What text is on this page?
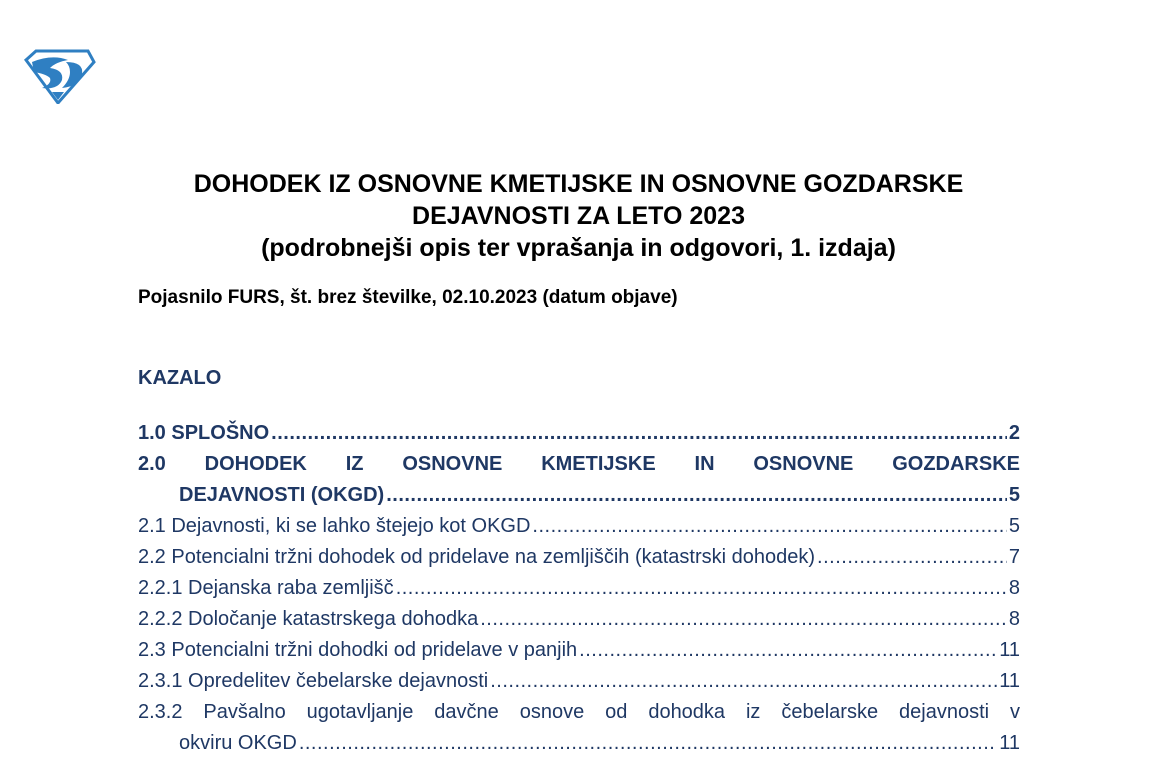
DOHODEK IZ OSNOVNE KMETIJSKE IN OSNOVNE GOZDARSKE
DEJAVNOSTI ZA LETO 2023
(podrobnejši opis ter vprašanja in odgovori, 1. izdaja)

Pojasnilo FURS, št. brez številke, 02.10.2023 (datum objave)

KAZALO

1.0 SPLOŠNO .....	2
2.0 DOHODEK IZ OSNOVNE KMETIJSKE IN OSNOVNE GOZDARSKE
DEJAVNOSTI (OKGD) .....	5
2.1 Dejavnosti, ki se lahko štejejo kot OKGD .....	5
2.2 Potencialni tržni dohodek od pridelave na zemljiščih (katastrski dohodek) .....	7
2.2.1 Dejanska raba zemljišč .....	8
2.2.2 Določanje katastrskega dohodka .....	8
2.3 Potencialni tržni dohodki od pridelave v panjih .....	11
2.3.1 Opredelitev čebelarske dejavnosti .....	11
2.3.2 Pavšalno ugotavljanje davčne osnove od dohodka iz čebelarske dejavnosti v
okviru OKGD .....	11
